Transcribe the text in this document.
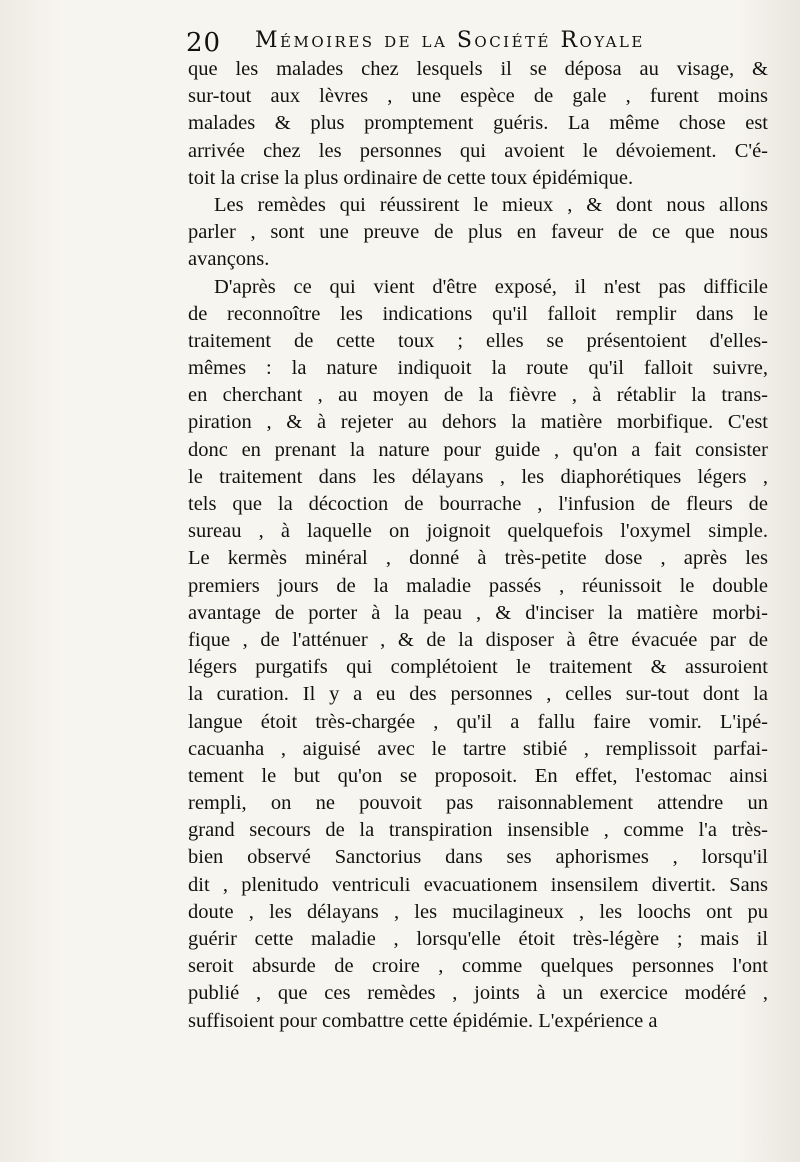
20 Mémoires de la Société Royale
que les malades chez lesquels il se déposa au visage, &
sur-tout aux lèvres , une espèce de gale , furent moins
malades & plus promptement guéris. La même chose est
arrivée chez les personnes qui avoient le dévoiement. C'é-
toit la crise la plus ordinaire de cette toux épidémique.
Les remèdes qui réussirent le mieux , & dont nous allons
parler , sont une preuve de plus en faveur de ce que nous
avançons.
D'après ce qui vient d'être exposé, il n'est pas difficile
de reconnoître les indications qu'il falloit remplir dans le
traitement de cette toux ; elles se présentoient d'elles-
mêmes : la nature indiquoit la route qu'il falloit suivre,
en cherchant , au moyen de la fièvre , à rétablir la trans-
piration , & à rejeter au dehors la matière morbifique. C'est
donc en prenant la nature pour guide , qu'on a fait consister
le traitement dans les délayans , les diaphorétiques légers ,
tels que la décoction de bourrache , l'infusion de fleurs de
sureau , à laquelle on joignoit quelquefois l'oxymel simple.
Le kermès minéral , donné à très-petite dose , après les
premiers jours de la maladie passés , réunissoit le double
avantage de porter à la peau , & d'inciser la matière morbi-
fique , de l'atténuer , & de la disposer à être évacuée par de
légers purgatifs qui complétoient le traitement & assuroient
la curation. Il y a eu des personnes , celles sur-tout dont la
langue étoit très-chargée , qu'il a fallu faire vomir. L'ipé-
cacuanha , aiguisé avec le tartre stibié , remplissoit parfai-
tement le but qu'on se proposoit. En effet, l'estomac ainsi
rempli, on ne pouvoit pas raisonnablement attendre un
grand secours de la transpiration insensible , comme l'a très-
bien observé Sanctorius dans ses aphorismes , lorsqu'il
dit , plenitudo ventriculi evacuationem insensilem divertit. Sans
doute , les délayans , les mucilagineux , les loochs ont pu
guérir cette maladie , lorsqu'elle étoit très-légère ; mais il
seroit absurde de croire , comme quelques personnes l'ont
publié , que ces remèdes , joints à un exercice modéré ,
suffisoient pour combattre cette épidémie. L'expérience a
